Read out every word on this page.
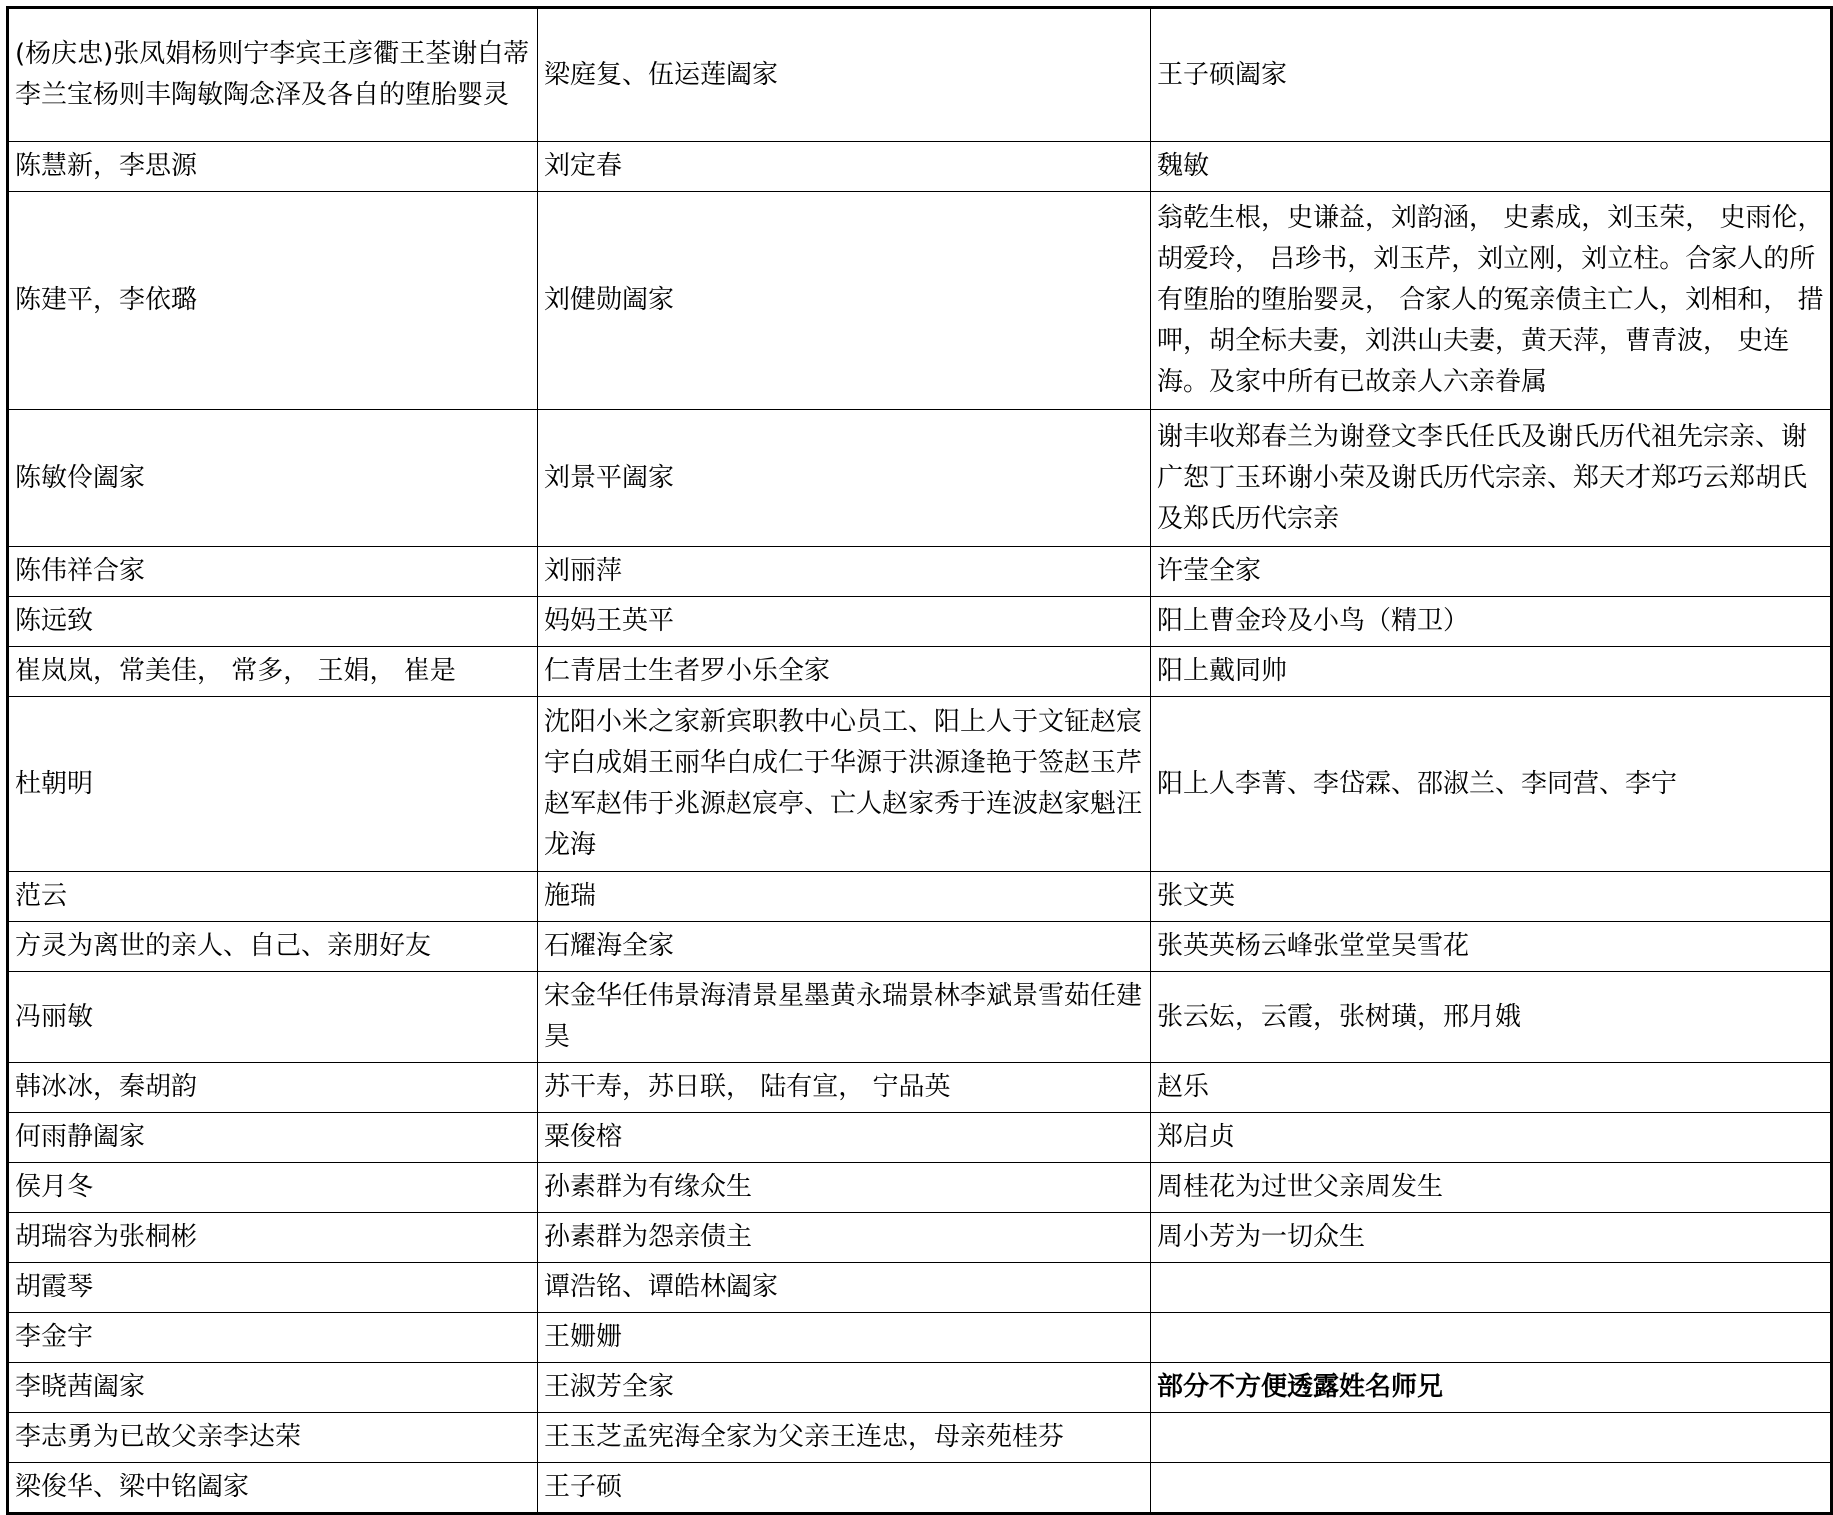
(杨庆忠)张凤娟杨则宁李宾王彦衢王荃谢白蒂李兰宝杨则丰陶敏陶念泽及各自的堕胎婴灵	梁庭复、伍运莲阖家	王子硕阖家
陈慧新，李思源	刘定春	魏敏
陈建平，李依璐	刘健勋阖家	翁乾生根，史谦益，刘韵涵， 史素成，刘玉荣， 史雨伦，胡爱玲， 吕珍书，刘玉芹，刘立刚，刘立柱。合家人的所有堕胎的堕胎婴灵， 合家人的冤亲债主亡人，刘相和， 措呷，胡全标夫妻，刘洪山夫妻，黄天萍，曹青波， 史连海。及家中所有已故亲人六亲眷属
陈敏伶阖家	刘景平阖家	谢丰收郑春兰为谢登文李氏任氏及谢氏历代祖先宗亲、谢广恕丁玉环谢小荣及谢氏历代宗亲、郑天才郑巧云郑胡氏及郑氏历代宗亲
陈伟祥合家	刘丽萍	许莹全家
陈远致	妈妈王英平	阳上曹金玲及小鸟（精卫）
崔岚岚，常美佳， 常多， 王娟， 崔是	仁青居士生者罗小乐全家	阳上戴同帅
杜朝明	沈阳小米之家新宾职教中心员工、阳上人于文钲赵宸宇白成娟王丽华白成仁于华源于洪源逢艳于签赵玉芹赵军赵伟于兆源赵宸亭、亡人赵家秀于连波赵家魁汪龙海	阳上人李菁、李岱霖、邵淑兰、李同营、李宁
范云	施瑞	张文英
方灵为离世的亲人、自己、亲朋好友	石耀海全家	张英英杨云峰张堂堂吴雪花
冯丽敏	宋金华任伟景海清景星墨黄永瑞景林李斌景雪茹任建昊	张云妘，云霞，张树璜，邢月娥
韩冰冰，秦胡韵	苏干寿，苏日联， 陆有宣， 宁品英	赵乐
何雨静阖家	粟俊榕	郑启贞
侯月冬	孙素群为有缘众生	周桂花为过世父亲周发生
胡瑞容为张桐彬	孙素群为怨亲债主	周小芳为一切众生
胡霞琴	谭浩铭、谭皓林阖家	
李金宇	王姗姗	
李晓茜阖家	王淑芳全家	部分不方便透露姓名师兄
李志勇为已故父亲李达荣	王玉芝孟宪海全家为父亲王连忠，母亲苑桂芬	
梁俊华、梁中铭阖家	王子硕	
